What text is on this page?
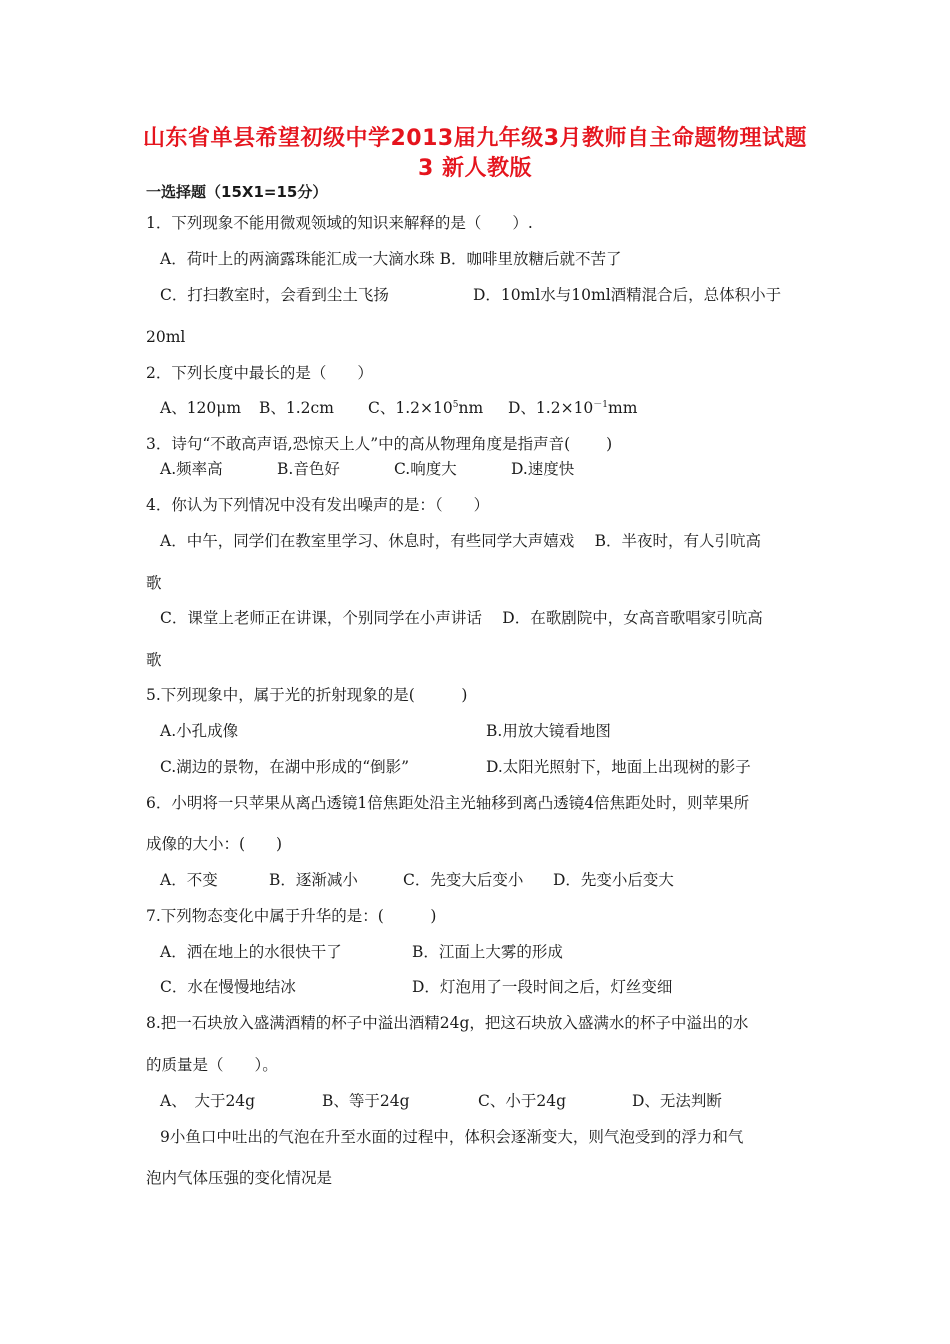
山东省单县希望初级中学2013届九年级3月教师自主命题物理试题
3 新人教版
一选择题（15X1=15分）
1．下列现象不能用微观领域的知识来解释的是（　　）.
A．荷叶上的两滴露珠能汇成一大滴水珠 B．咖啡里放糖后就不苦了
C．打扫教室时，会看到尘土飞扬	D．10ml水与10ml酒精混合后，总体积小于
20ml
2．下列长度中最长的是（　　）
A、120μm B、1.2cm C、$1.2\times 10^5nm$ D、$1.2\times 10^{-1}mm$
3．诗句“不敢高声语,恐惊天上人”中的高从物理角度是指声音(　　 )
A.频率高	B.音色好	C.响度大	D.速度快
4．你认为下列情况中没有发出噪声的是：（　　）
A．中午，同学们在教室里学习、休息时，有些同学大声嬉戏　 B．半夜时，有人引吭高
歌
C．课堂上老师正在讲课，个别同学在小声讲话　 D．在歌剧院中，女高音歌唱家引吭高
歌
5.下列现象中，属于光的折射现象的是(　　　)
A.小孔成像	B.用放大镜看地图
C.湖边的景物，在湖中形成的“倒影”	D.太阳光照射下，地面上出现树的影子
6．小明将一只苹果从离凸透镜1倍焦距处沿主光轴移到离凸透镜4倍焦距处时，则苹果所
成像的大小：(　　)
A．不变	B．逐渐减小	C．先变大后变小 D．先变小后变大
7.下列物态变化中属于升华的是：(　　　)
A．洒在地上的水很快干了	B．江面上大雾的形成
C．水在慢慢地结冰	D．灯泡用了一段时间之后，灯丝变细
8.把一石块放入盛满酒精的杯子中溢出酒精24g，把这石块放入盛满水的杯子中溢出的水
的质量是（　　）。
A、　大于24g	B、等于24g	C、小于24g	D、无法判断
9小鱼口中吐出的气泡在升至水面的过程中，体积会逐渐变大，则气泡受到的浮力和气
泡内气体压强的变化情况是
